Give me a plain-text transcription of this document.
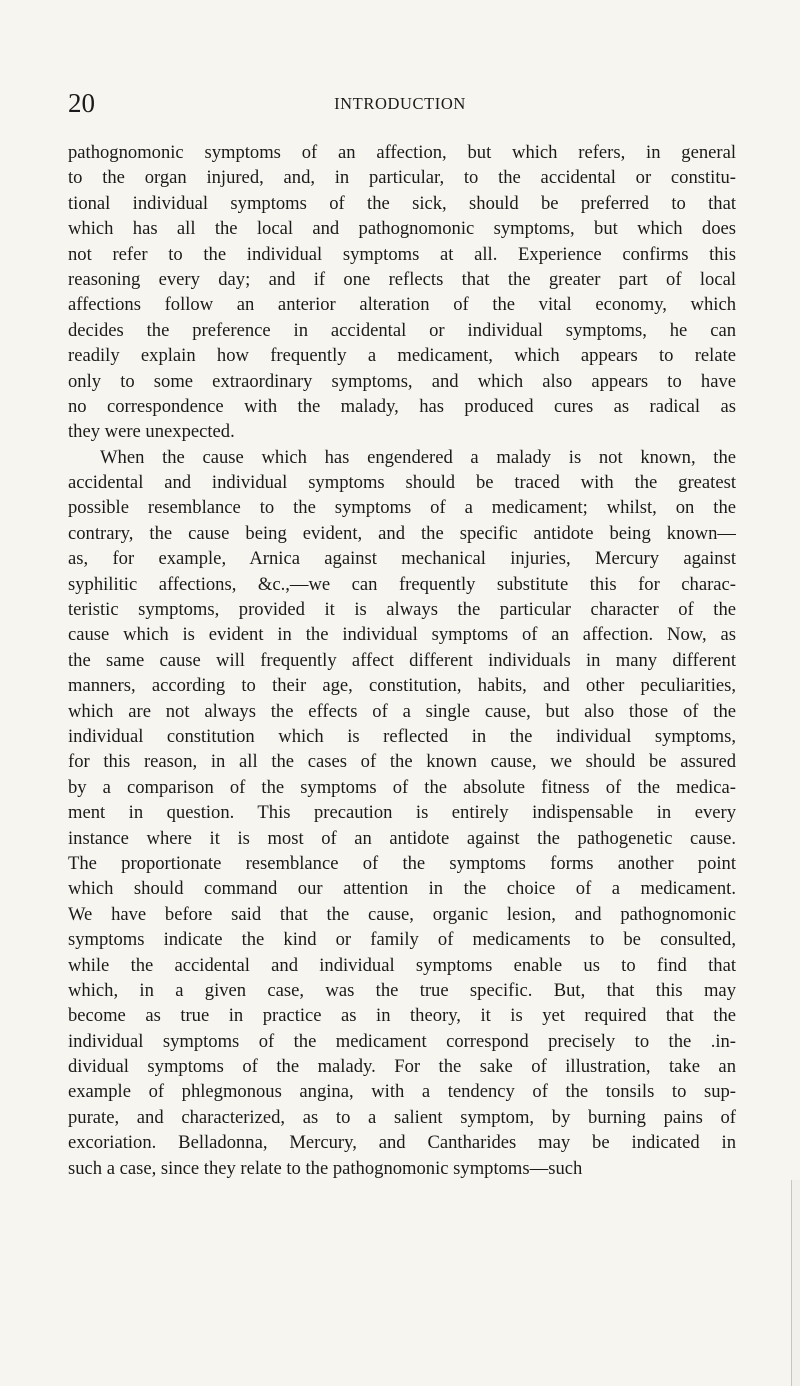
20	INTRODUCTION
pathognomonic symptoms of an affection, but which refers, in general
to the organ injured, and, in particular, to the accidental or constitu-
tional individual symptoms of the sick, should be preferred to that
which has all the local and pathognomonic symptoms, but which does
not refer to the individual symptoms at all. Experience confirms this
reasoning every day; and if one reflects that the greater part of local
affections follow an anterior alteration of the vital economy, which
decides the preference in accidental or individual symptoms, he can
readily explain how frequently a medicament, which appears to relate
only to some extraordinary symptoms, and which also appears to have
no correspondence with the malady, has produced cures as radical as
they were unexpected.
When the cause which has engendered a malady is not known, the
accidental and individual symptoms should be traced with the greatest
possible resemblance to the symptoms of a medicament; whilst, on the
contrary, the cause being evident, and the specific antidote being known—
as, for example, Arnica against mechanical injuries, Mercury against
syphilitic affections, &c.,—we can frequently substitute this for charac-
teristic symptoms, provided it is always the particular character of the
cause which is evident in the individual symptoms of an affection. Now, as
the same cause will frequently affect different individuals in many different
manners, according to their age, constitution, habits, and other peculiarities,
which are not always the effects of a single cause, but also those of the
individual constitution which is reflected in the individual symptoms,
for this reason, in all the cases of the known cause, we should be assured
by a comparison of the symptoms of the absolute fitness of the medica-
ment in question. This precaution is entirely indispensable in every
instance where it is most of an antidote against the pathogenetic cause.
The proportionate resemblance of the symptoms forms another point
which should command our attention in the choice of a medicament.
We have before said that the cause, organic lesion, and pathognomonic
symptoms indicate the kind or family of medicaments to be consulted,
while the accidental and individual symptoms enable us to find that
which, in a given case, was the true specific. But, that this may
become as true in practice as in theory, it is yet required that the
individual symptoms of the medicament correspond precisely to the .in-
dividual symptoms of the malady. For the sake of illustration, take an
example of phlegmonous angina, with a tendency of the tonsils to sup-
purate, and characterized, as to a salient symptom, by burning pains of
excoriation. Belladonna, Mercury, and Cantharides may be indicated in
such a case, since they relate to the pathognomonic symptoms—such
